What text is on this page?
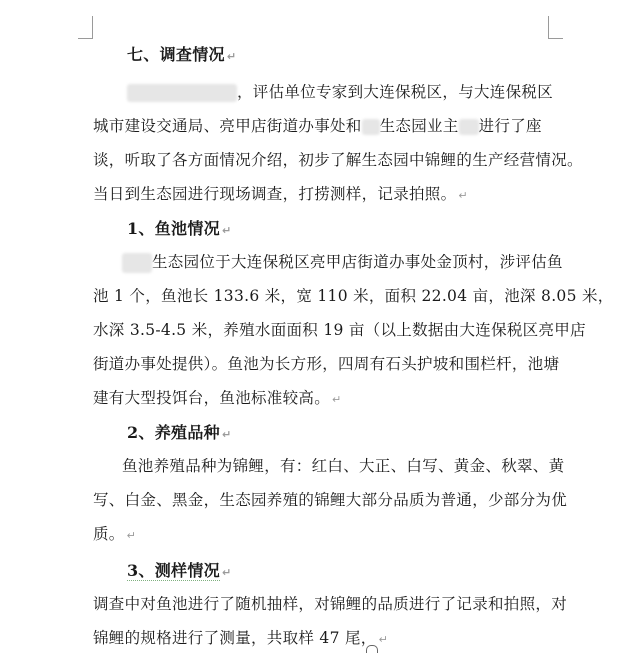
七、调查情况 ↵
，评估单位专家到大连保税区，与大连保税区
城市建设交通局、亮甲店街道办事处和 生态园业主 进行了座
谈，听取了各方面情况介绍，初步了解生态园中锦鲤的生产经营情况。
当日到生态园进行现场调查，打捞测样，记录拍照。 ↵
1、鱼池情况 ↵
生态园位于大连保税区亮甲店街道办事处金顶村，涉评估鱼
池 1 个，鱼池长 133.6 米，宽 110 米，面积 22.04 亩，池深 8.05 米，
水深 3.5-4.5 米，养殖水面面积 19 亩（以上数据由大连保税区亮甲店
街道办事处提供）。鱼池为长方形，四周有石头护坡和围栏杆，池塘
建有大型投饵台，鱼池标准较高。 ↵
2、养殖品种 ↵
鱼池养殖品种为锦鲤，有：红白、大正、白写、黄金、秋翠、黄
写、白金、黑金，生态园养殖的锦鲤大部分品质为普通，少部分为优
质。 ↵
3、测样情况 ↵
调查中对鱼池进行了随机抽样，对锦鲤的品质进行了记录和拍照，对
锦鲤的规格进行了测量，共取样 47 尾， ↵
